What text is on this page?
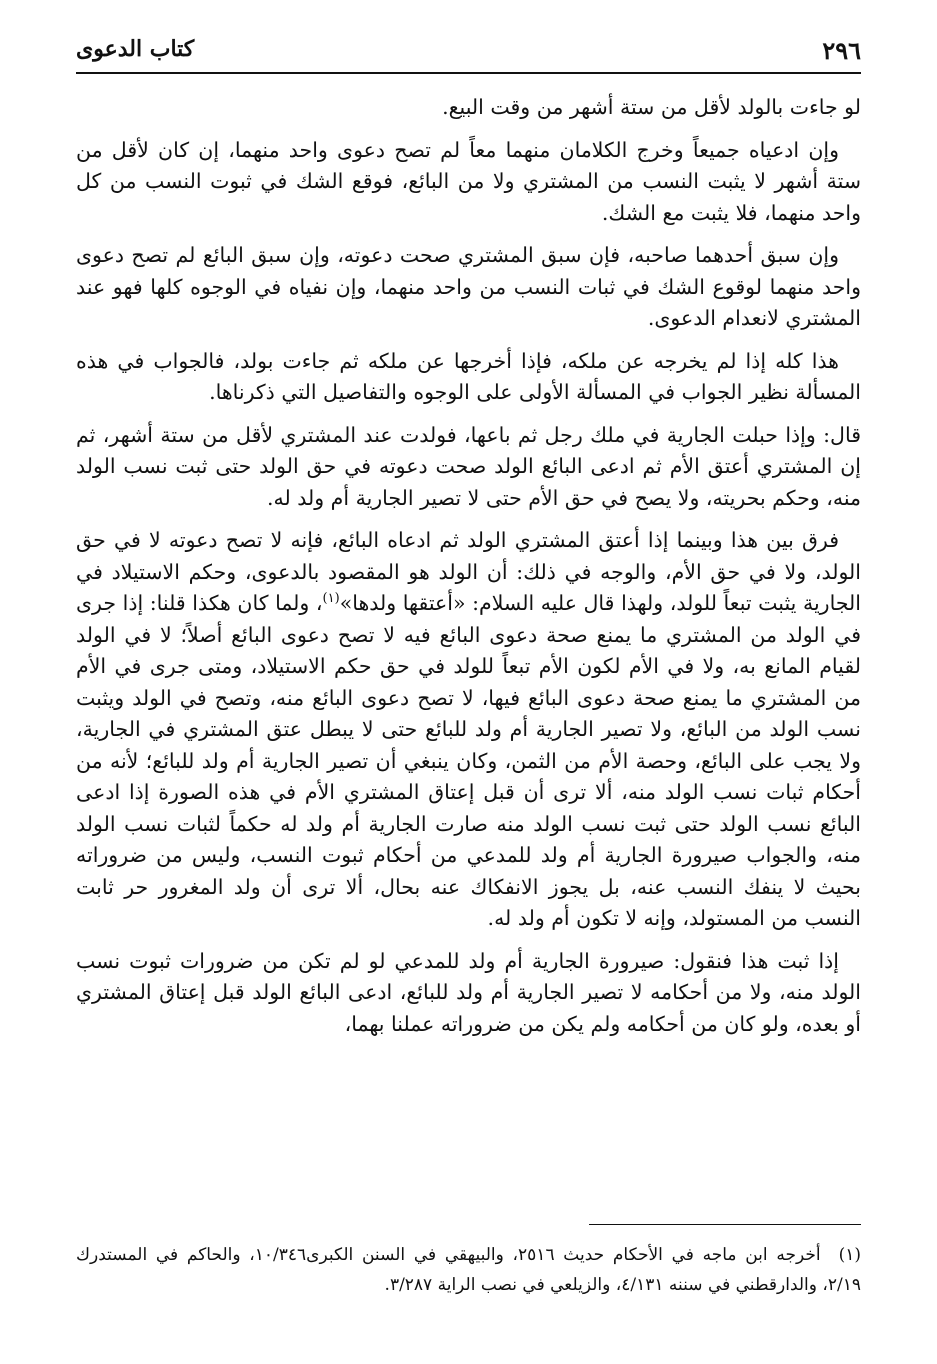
٢٩٦
كتاب الدعوى

لو جاءت بالولد لأقل من ستة أشهر من وقت البيع.

وإن ادعياه جميعاً وخرج الكلامان منهما معاً لم تصح دعوى واحد منهما، إن كان لأقل من ستة أشهر لا يثبت النسب من المشتري ولا من البائع، فوقع الشك في ثبوت النسب من كل واحد منهما، فلا يثبت مع الشك.

وإن سبق أحدهما صاحبه، فإن سبق المشتري صحت دعوته، وإن سبق البائع لم تصح دعوى واحد منهما لوقوع الشك في ثبات النسب من واحد منهما، وإن نفياه في الوجوه كلها فهو عند المشتري لانعدام الدعوى.

هذا كله إذا لم يخرجه عن ملكه، فإذا أخرجها عن ملكه ثم جاءت بولد، فالجواب في هذه المسألة نظير الجواب في المسألة الأولى على الوجوه والتفاصيل التي ذكرناها.

قال: وإذا حبلت الجارية في ملك رجل ثم باعها، فولدت عند المشتري لأقل من ستة أشهر، ثم إن المشتري أعتق الأم ثم ادعى البائع الولد صحت دعوته في حق الولد حتى ثبت نسب الولد منه، وحكم بحريته، ولا يصح في حق الأم حتى لا تصير الجارية أم ولد له.

فرق بين هذا وبينما إذا أعتق المشتري الولد ثم ادعاه البائع، فإنه لا تصح دعوته لا في حق الولد، ولا في حق الأم، والوجه في ذلك: أن الولد هو المقصود بالدعوى، وحكم الاستيلاد في الجارية يثبت تبعاً للولد، ولهذا قال عليه السلام: «أعتقها ولدها»$^{(١)}$، ولما كان هكذا قلنا: إذا جرى في الولد من المشتري ما يمنع صحة دعوى البائع فيه لا تصح دعوى البائع أصلاً؛ لا في الولد لقيام المانع به، ولا في الأم لكون الأم تبعاً للولد في حق حكم الاستيلاد، ومتى جرى في الأم من المشتري ما يمنع صحة دعوى البائع فيها، لا تصح دعوى البائع منه، وتصح في الولد ويثبت نسب الولد من البائع، ولا تصير الجارية أم ولد للبائع حتى لا يبطل عتق المشتري في الجارية، ولا يجب على البائع، وحصة الأم من الثمن، وكان ينبغي أن تصير الجارية أم ولد للبائع؛ لأنه من أحكام ثبات نسب الولد منه، ألا ترى أن قبل إعتاق المشتري الأم في هذه الصورة إذا ادعى البائع نسب الولد حتى ثبت نسب الولد منه صارت الجارية أم ولد له حكماً لثبات نسب الولد منه، والجواب صيرورة الجارية أم ولد للمدعي من أحكام ثبوت النسب، وليس من ضروراته بحيث لا ينفك النسب عنه، بل يجوز الانفكاك عنه بحال، ألا ترى أن ولد المغرور حر ثابت النسب من المستولد، وإنه لا تكون أم ولد له.

إذا ثبت هذا فنقول: صيرورة الجارية أم ولد للمدعي لو لم تكن من ضرورات ثبوت نسب الولد منه، ولا من أحكامه لا تصير الجارية أم ولد للبائع، ادعى البائع الولد قبل إعتاق المشتري أو بعده، ولو كان من أحكامه ولم يكن من ضروراته عملنا بهما،

(١)أخرجه ابن ماجه في الأحكام حديث ٢٥١٦، والبيهقي في السنن الكبرى١٠/٣٤٦، والحاكم في المستدرك ٢/١٩، والدارقطني في سننه ٤/١٣١، والزيلعي في نصب الراية ٣/٢٨٧.
